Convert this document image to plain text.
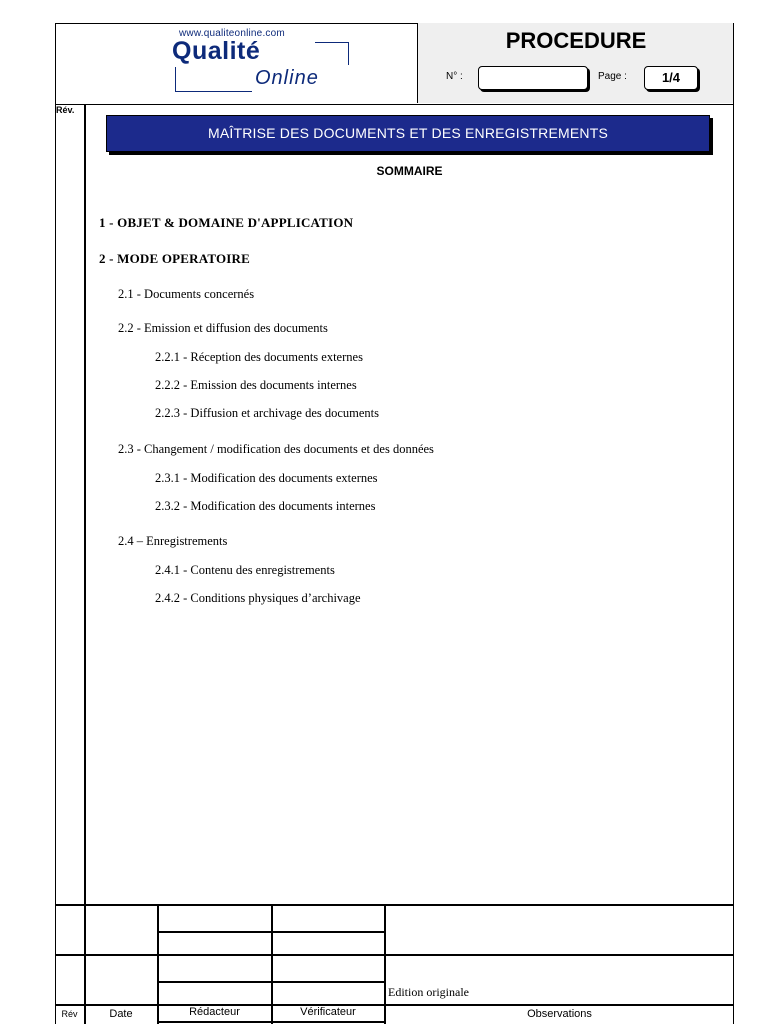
www.qualiteonline.com
Qualité
Online
PROCEDURE
N° :	Page :	1/4
Rév.
MAÎTRISE DES DOCUMENTS ET DES ENREGISTREMENTS
SOMMAIRE
1 - OBJET & DOMAINE D'APPLICATION
2 - MODE OPERATOIRE
2.1 - Documents concernés
2.2 - Emission et diffusion des documents
2.2.1 - Réception des documents externes
2.2.2 - Emission des documents internes
2.2.3 - Diffusion et archivage des documents
2.3 - Changement / modification des documents et des données
2.3.1 - Modification des documents externes
2.3.2 - Modification des documents internes
2.4 – Enregistrements
2.4.1 - Contenu des enregistrements
2.4.2 - Conditions physiques d’archivage
Edition originale
Rév	Date	Rédacteur	Vérificateur	Observations
